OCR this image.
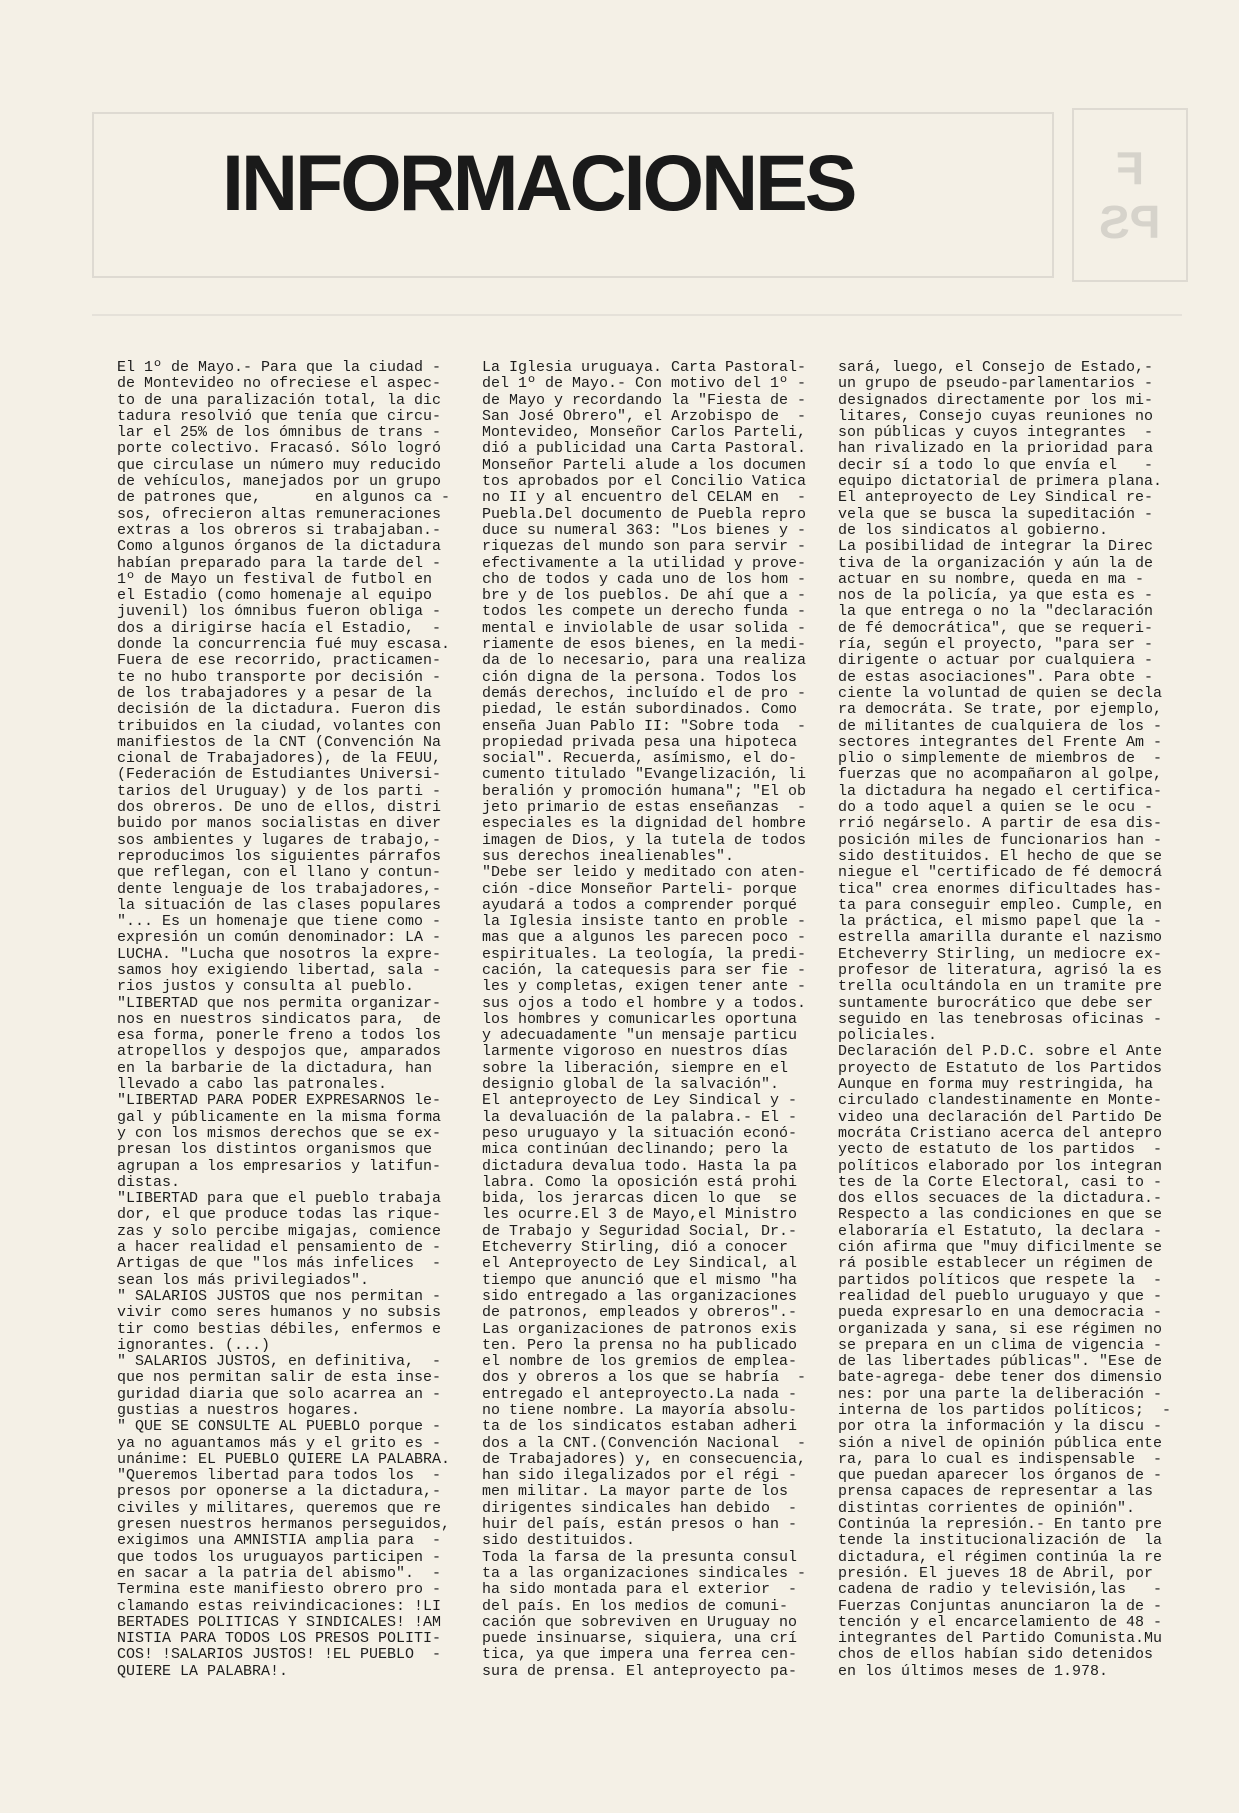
F
PS
INFORMACIONES
El 1º de Mayo.- Para que la ciudad -
de Montevideo no ofreciese el aspec-
to de una paralización total, la dic
tadura resolvió que tenía que circu-
lar el 25% de los ómnibus de trans -
porte colectivo. Fracasó. Sólo logró
que circulase un número muy reducido
de vehículos, manejados por un grupo
de patrones que,      en algunos ca -
sos, ofrecieron altas remuneraciones
extras a los obreros si trabajaban.-
Como algunos órganos de la dictadura
habían preparado para la tarde del -
1º de Mayo un festival de futbol en
el Estadio (como homenaje al equipo
juvenil) los ómnibus fueron obliga -
dos a dirigirse hacía el Estadio,  -
donde la concurrencia fué muy escasa.
Fuera de ese recorrido, practicamen-
te no hubo transporte por decisión -
de los trabajadores y a pesar de la
decisión de la dictadura. Fueron dis
tribuidos en la ciudad, volantes con
manifiestos de la CNT (Convención Na
cional de Trabajadores), de la FEUU,
(Federación de Estudiantes Universi-
tarios del Uruguay) y de los parti -
dos obreros. De uno de ellos, distri
buido por manos socialistas en diver
sos ambientes y lugares de trabajo,-
reproducimos los siguientes párrafos
que reflegan, con el llano y contun-
dente lenguaje de los trabajadores,-
la situación de las clases populares
"... Es un homenaje que tiene como -
expresión un común denominador: LA -
LUCHA. "Lucha que nosotros la expre-
samos hoy exigiendo libertad, sala -
rios justos y consulta al pueblo.
"LIBERTAD que nos permita organizar-
nos en nuestros sindicatos para,  de
esa forma, ponerle freno a todos los
atropellos y despojos que, amparados
en la barbarie de la dictadura, han
llevado a cabo las patronales.
"LIBERTAD PARA PODER EXPRESARNOS le-
gal y públicamente en la misma forma
y con los mismos derechos que se ex-
presan los distintos organismos que
agrupan a los empresarios y latifun-
distas.
"LIBERTAD para que el pueblo trabaja
dor, el que produce todas las rique-
zas y solo percibe migajas, comience
a hacer realidad el pensamiento de -
Artigas de que "los más infelices  -
sean los más privilegiados".
" SALARIOS JUSTOS que nos permitan -
vivir como seres humanos y no subsis
tir como bestias débiles, enfermos e
ignorantes. (...)
" SALARIOS JUSTOS, en definitiva,  -
que nos permitan salir de esta inse-
guridad diaria que solo acarrea an -
gustias a nuestros hogares.
" QUE SE CONSULTE AL PUEBLO porque -
ya no aguantamos más y el grito es -
unánime: EL PUEBLO QUIERE LA PALABRA.
"Queremos libertad para todos los  -
presos por oponerse a la dictadura,-
civiles y militares, queremos que re
gresen nuestros hermanos perseguidos,
exigimos una AMNISTIA amplia para  -
que todos los uruguayos participen -
en sacar a la patria del abismo".  -
Termina este manifiesto obrero pro -
clamando estas reivindicaciones: !LI
BERTADES POLITICAS Y SINDICALES! !AM
NISTIA PARA TODOS LOS PRESOS POLITI-
COS! !SALARIOS JUSTOS! !EL PUEBLO  -
QUIERE LA PALABRA!.
La Iglesia uruguaya. Carta Pastoral-
del 1º de Mayo.- Con motivo del 1º -
de Mayo y recordando la "Fiesta de -
San José Obrero", el Arzobispo de  -
Montevideo, Monseñor Carlos Parteli,
dió a publicidad una Carta Pastoral.
Monseñor Parteli alude a los documen
tos aprobados por el Concilio Vatica
no II y al encuentro del CELAM en  -
Puebla.Del documento de Puebla repro
duce su numeral 363: "Los bienes y -
riquezas del mundo son para servir -
efectivamente a la utilidad y prove-
cho de todos y cada uno de los hom -
bre y de los pueblos. De ahí que a -
todos les compete un derecho funda -
mental e inviolable de usar solida -
riamente de esos bienes, en la medi-
da de lo necesario, para una realiza
ción digna de la persona. Todos los
demás derechos, incluído el de pro -
piedad, le están subordinados. Como
enseña Juan Pablo II: "Sobre toda  -
propiedad privada pesa una hipoteca
social". Recuerda, asímismo, el do-
cumento titulado "Evangelización, li
beralión y promoción humana"; "El ob
jeto primario de estas enseñanzas  -
especiales es la dignidad del hombre
imagen de Dios, y la tutela de todos
sus derechos inealienables".
"Debe ser leido y meditado con aten-
ción -dice Monseñor Parteli- porque
ayudará a todos a comprender porqué
la Iglesia insiste tanto en proble -
mas que a algunos les parecen poco -
espirituales. La teología, la predi-
cación, la catequesis para ser fie -
les y completas, exigen tener ante -
sus ojos a todo el hombre y a todos.
los hombres y comunicarles oportuna
y adecuadamente "un mensaje particu
larmente vigoroso en nuestros días
sobre la liberación, siempre en el
designio global de la salvación".
El anteproyecto de Ley Sindical y -
la devaluación de la palabra.- El -
peso uruguayo y la situación econó-
mica continúan declinando; pero la
dictadura devalua todo. Hasta la pa
labra. Como la oposición está prohi
bida, los jerarcas dicen lo que  se
les ocurre.El 3 de Mayo,el Ministro
de Trabajo y Seguridad Social, Dr.-
Etcheverry Stirling, dió a conocer
el Anteproyecto de Ley Sindical, al
tiempo que anunció que el mismo "ha
sido entregado a las organizaciones
de patronos, empleados y obreros".-
Las organizaciones de patronos exis
ten. Pero la prensa no ha publicado
el nombre de los gremios de emplea-
dos y obreros a los que se habría  -
entregado el anteproyecto.La nada -
no tiene nombre. La mayoría absolu-
ta de los sindicatos estaban adheri
dos a la CNT.(Convención Nacional  -
de Trabajadores) y, en consecuencia,
han sido ilegalizados por el régi -
men militar. La mayor parte de los
dirigentes sindicales han debido  -
huir del país, están presos o han -
sido destituidos.
Toda la farsa de la presunta consul
ta a las organizaciones sindicales -
ha sido montada para el exterior  -
del país. En los medios de comuni-
cación que sobreviven en Uruguay no
puede insinuarse, siquiera, una crí
tica, ya que impera una ferrea cen-
sura de prensa. El anteproyecto pa-
sará, luego, el Consejo de Estado,-
un grupo de pseudo-parlamentarios -
designados directamente por los mi-
litares, Consejo cuyas reuniones no
son públicas y cuyos integrantes  -
han rivalizado en la prioridad para
decir sí a todo lo que envía el   -
equipo dictatorial de primera plana.
El anteproyecto de Ley Sindical re-
vela que se busca la supeditación -
de los sindicatos al gobierno.
La posibilidad de integrar la Direc
tiva de la organización y aún la de
actuar en su nombre, queda en ma -
nos de la policía, ya que esta es -
la que entrega o no la "declaración
de fé democrática", que se requeri-
ría, según el proyecto, "para ser -
dirigente o actuar por cualquiera -
de estas asociaciones". Para obte -
ciente la voluntad de quien se decla
ra democráta. Se trate, por ejemplo,
de militantes de cualquiera de los -
sectores integrantes del Frente Am -
plio o simplemente de miembros de  -
fuerzas que no acompañaron al golpe,
la dictadura ha negado el certifica-
do a todo aquel a quien se le ocu -
rrió negárselo. A partir de esa dis-
posición miles de funcionarios han -
sido destituidos. El hecho de que se
niegue el "certificado de fé democrá
tica" crea enormes dificultades has-
ta para conseguir empleo. Cumple, en
la práctica, el mismo papel que la -
estrella amarilla durante el nazismo
Etcheverry Stirling, un mediocre ex-
profesor de literatura, agrisó la es
trella ocultándola en un tramite pre
suntamente burocrático que debe ser
seguido en las tenebrosas oficinas -
policiales.
Declaración del P.D.C. sobre el Ante
proyecto de Estatuto de los Partidos
Aunque en forma muy restringida, ha
circulado clandestinamente en Monte-
video una declaración del Partido De
mocráta Cristiano acerca del antepro
yecto de estatuto de los partidos  -
políticos elaborado por los integran
tes de la Corte Electoral, casi to -
dos ellos secuaces de la dictadura.-
Respecto a las condiciones en que se
elaboraría el Estatuto, la declara -
ción afirma que "muy dificilmente se
rá posible establecer un régimen de
partidos políticos que respete la  -
realidad del pueblo uruguayo y que -
pueda expresarlo en una democracia -
organizada y sana, si ese régimen no
se prepara en un clima de vigencia -
de las libertades públicas". "Ese de
bate-agrega- debe tener dos dimensio
nes: por una parte la deliberación -
interna de los partidos políticos;  -
por otra la información y la discu -
sión a nivel de opinión pública ente
ra, para lo cual es indispensable  -
que puedan aparecer los órganos de -
prensa capaces de representar a las
distintas corrientes de opinión".
Continúa la represión.- En tanto pre
tende la institucionalización de  la
dictadura, el régimen continúa la re
presión. El jueves 18 de Abril, por
cadena de radio y televisión,las   -
Fuerzas Conjuntas anunciaron la de -
tención y el encarcelamiento de 48 -
integrantes del Partido Comunista.Mu
chos de ellos habían sido detenidos
en los últimos meses de 1.978.
